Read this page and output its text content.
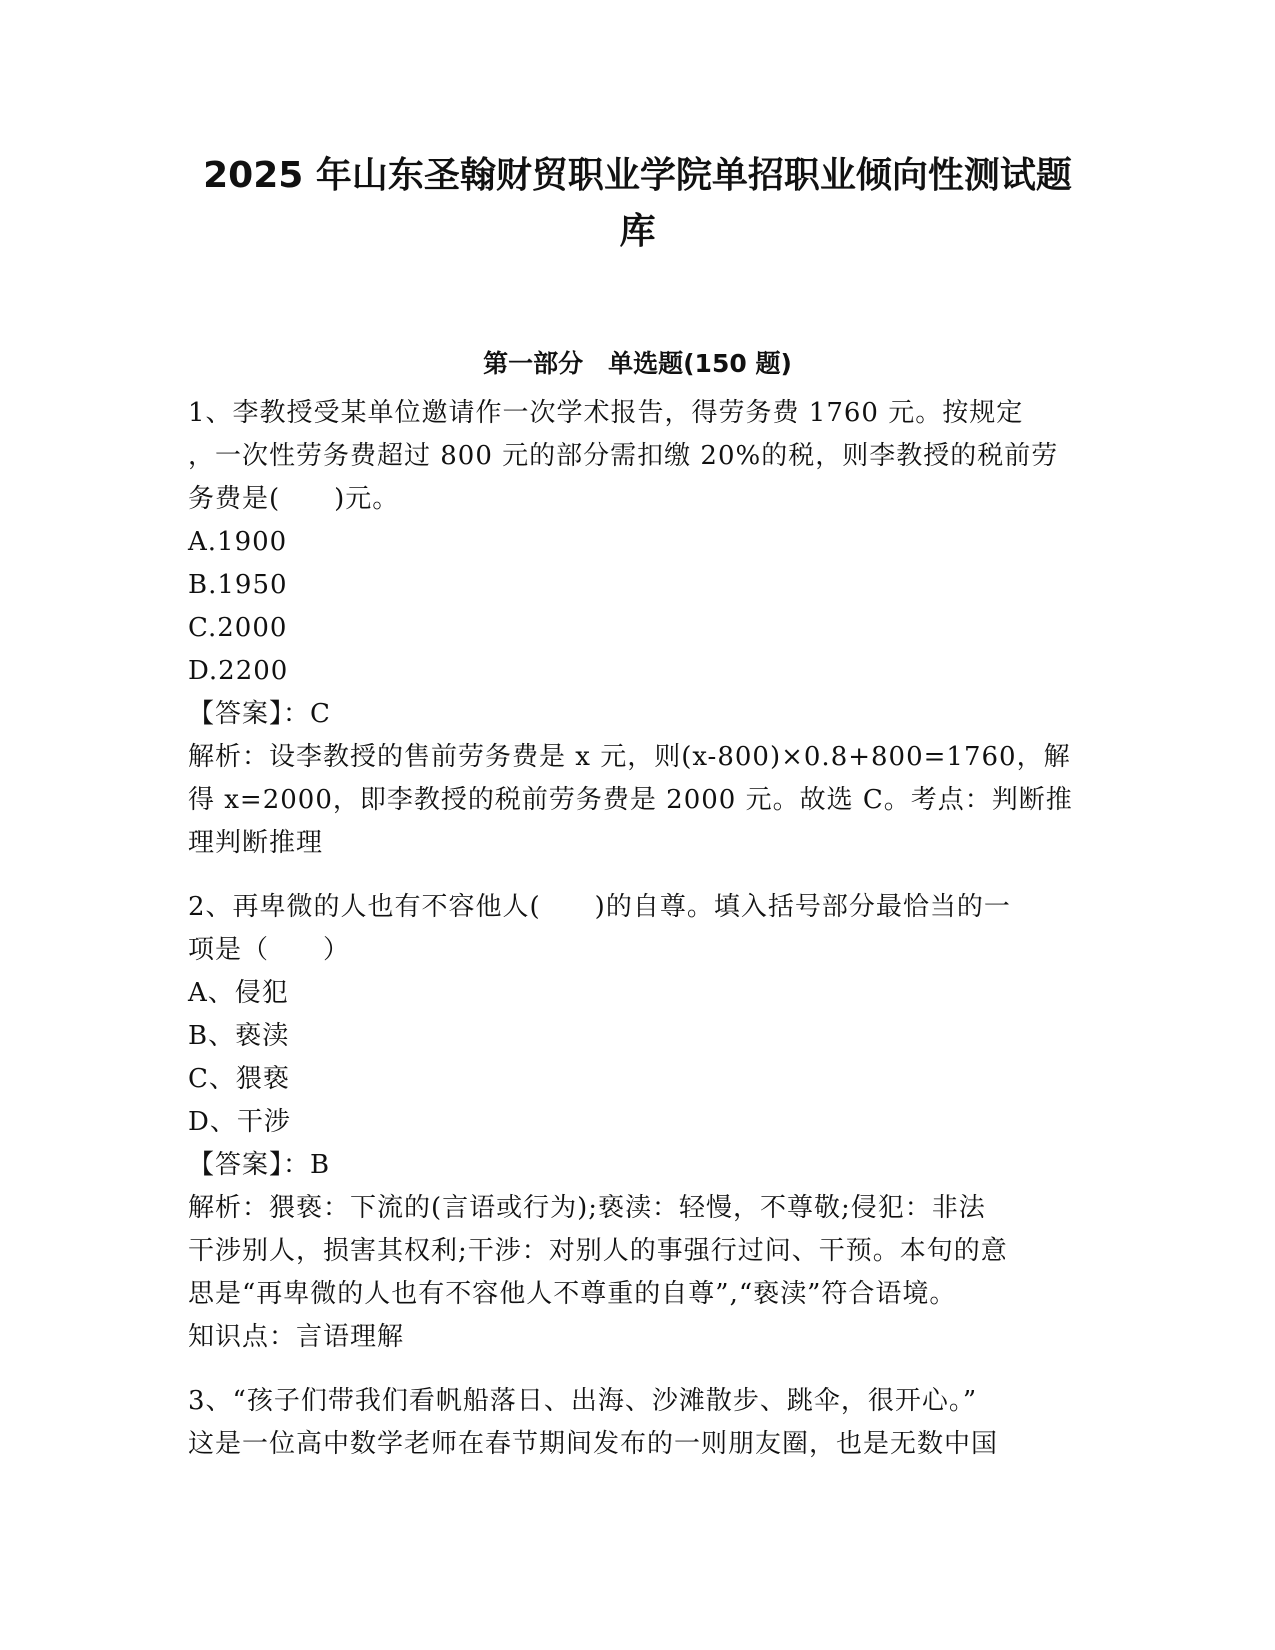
2025 年山东圣翰财贸职业学院单招职业倾向性测试题
库
第一部分　单选题(150 题)
1、李教授受某单位邀请作一次学术报告，得劳务费 1760 元。按规定
，一次性劳务费超过 800 元的部分需扣缴 20%的税，则李教授的税前劳
务费是(　　)元。
A.1900
B.1950
C.2000
D.2200
【答案】：C
解析：设李教授的售前劳务费是 x 元，则(x-800)×0.8+800=1760，解
得 x=2000，即李教授的税前劳务费是 2000 元。故选 C。考点：判断推
理判断推理
2、再卑微的人也有不容他人(　　)的自尊。填入括号部分最恰当的一
项是（　　）
A、侵犯
B、亵渎
C、猥亵
D、干涉
【答案】：B
解析：猥亵：下流的(言语或行为);亵渎：轻慢，不尊敬;侵犯：非法
干涉别人，损害其权利;干涉：对别人的事强行过问、干预。本句的意
思是“再卑微的人也有不容他人不尊重的自尊”,“亵渎”符合语境。
知识点：言语理解
3、“孩子们带我们看帆船落日、出海、沙滩散步、跳伞，很开心。”
这是一位高中数学老师在春节期间发布的一则朋友圈，也是无数中国
